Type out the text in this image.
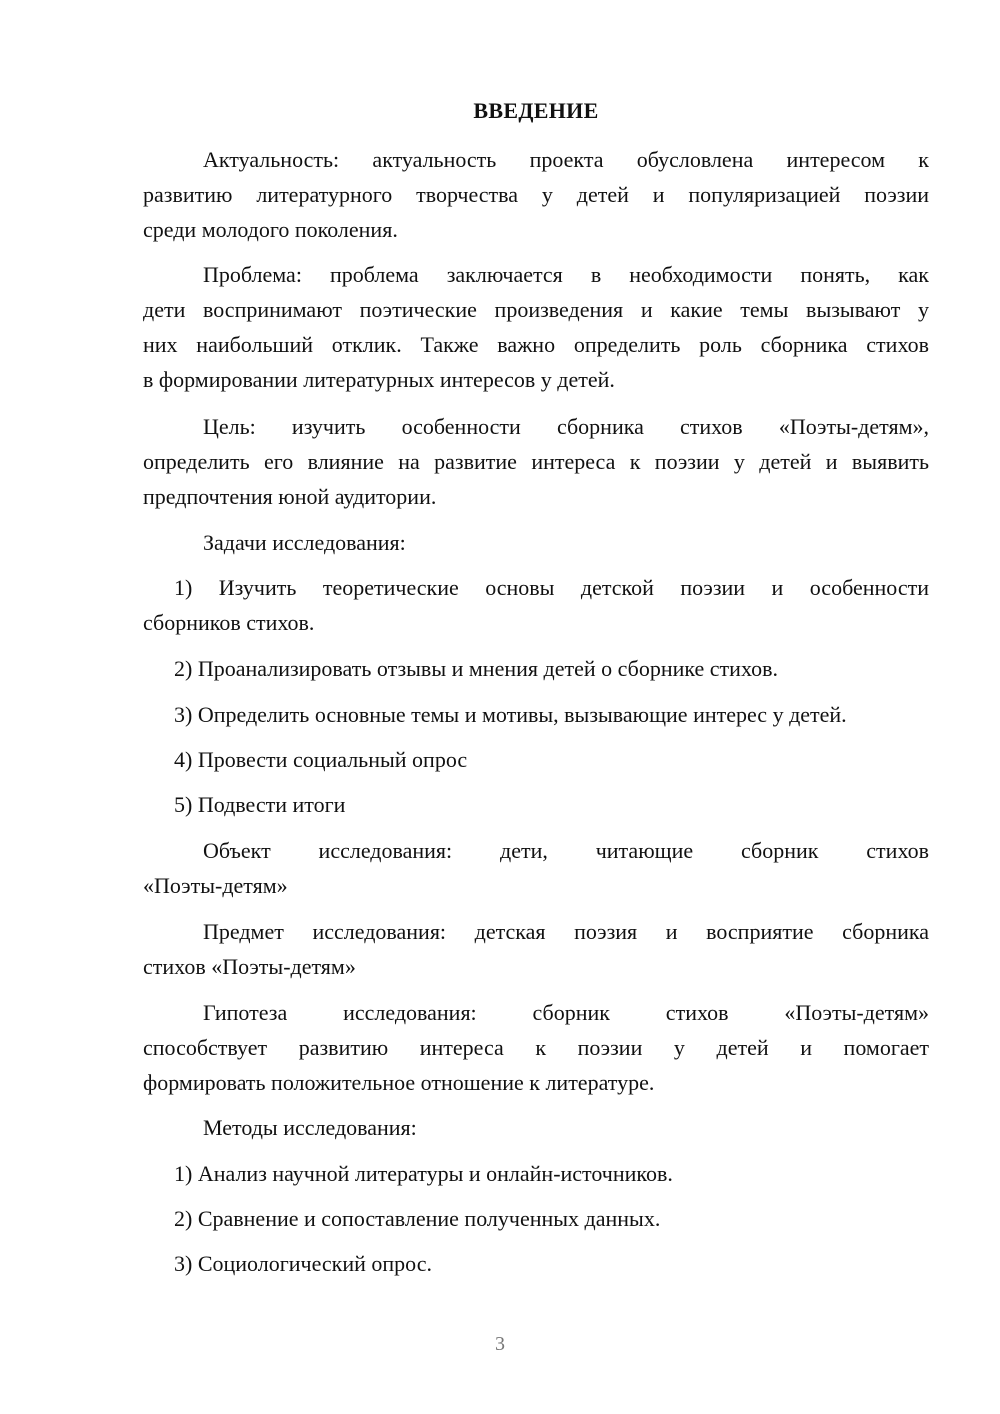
ВВЕДЕНИЕ
Актуальность: актуальность проекта обусловлена интересом к
развитию литературного творчества у детей и популяризацией поэзии
среди молодого поколения.
Проблема: проблема заключается в необходимости понять, как
дети воспринимают поэтические произведения и какие темы вызывают у
них наибольший отклик. Также важно определить роль сборника стихов
в формировании литературных интересов у детей.
Цель: изучить особенности сборника стихов «Поэты-детям»,
определить его влияние на развитие интереса к поэзии у детей и выявить
предпочтения юной аудитории.
Задачи исследования:
1) Изучить теоретические основы детской поэзии и особенности
сборников стихов.
2) Проанализировать отзывы и мнения детей о сборнике стихов.
3) Определить основные темы и мотивы, вызывающие интерес у детей.
4) Провести социальный опрос
5) Подвести итоги
Объект исследования: дети, читающие сборник стихов
«Поэты-детям»
Предмет исследования: детская поэзия и восприятие сборника
стихов «Поэты-детям»
Гипотеза исследования: сборник стихов «Поэты-детям»
способствует развитию интереса к поэзии у детей и помогает
формировать положительное отношение к литературе.
Методы исследования:
1) Анализ научной литературы и онлайн-источников.
2) Сравнение и сопоставление полученных данных.
3) Социологический опрос.
3
